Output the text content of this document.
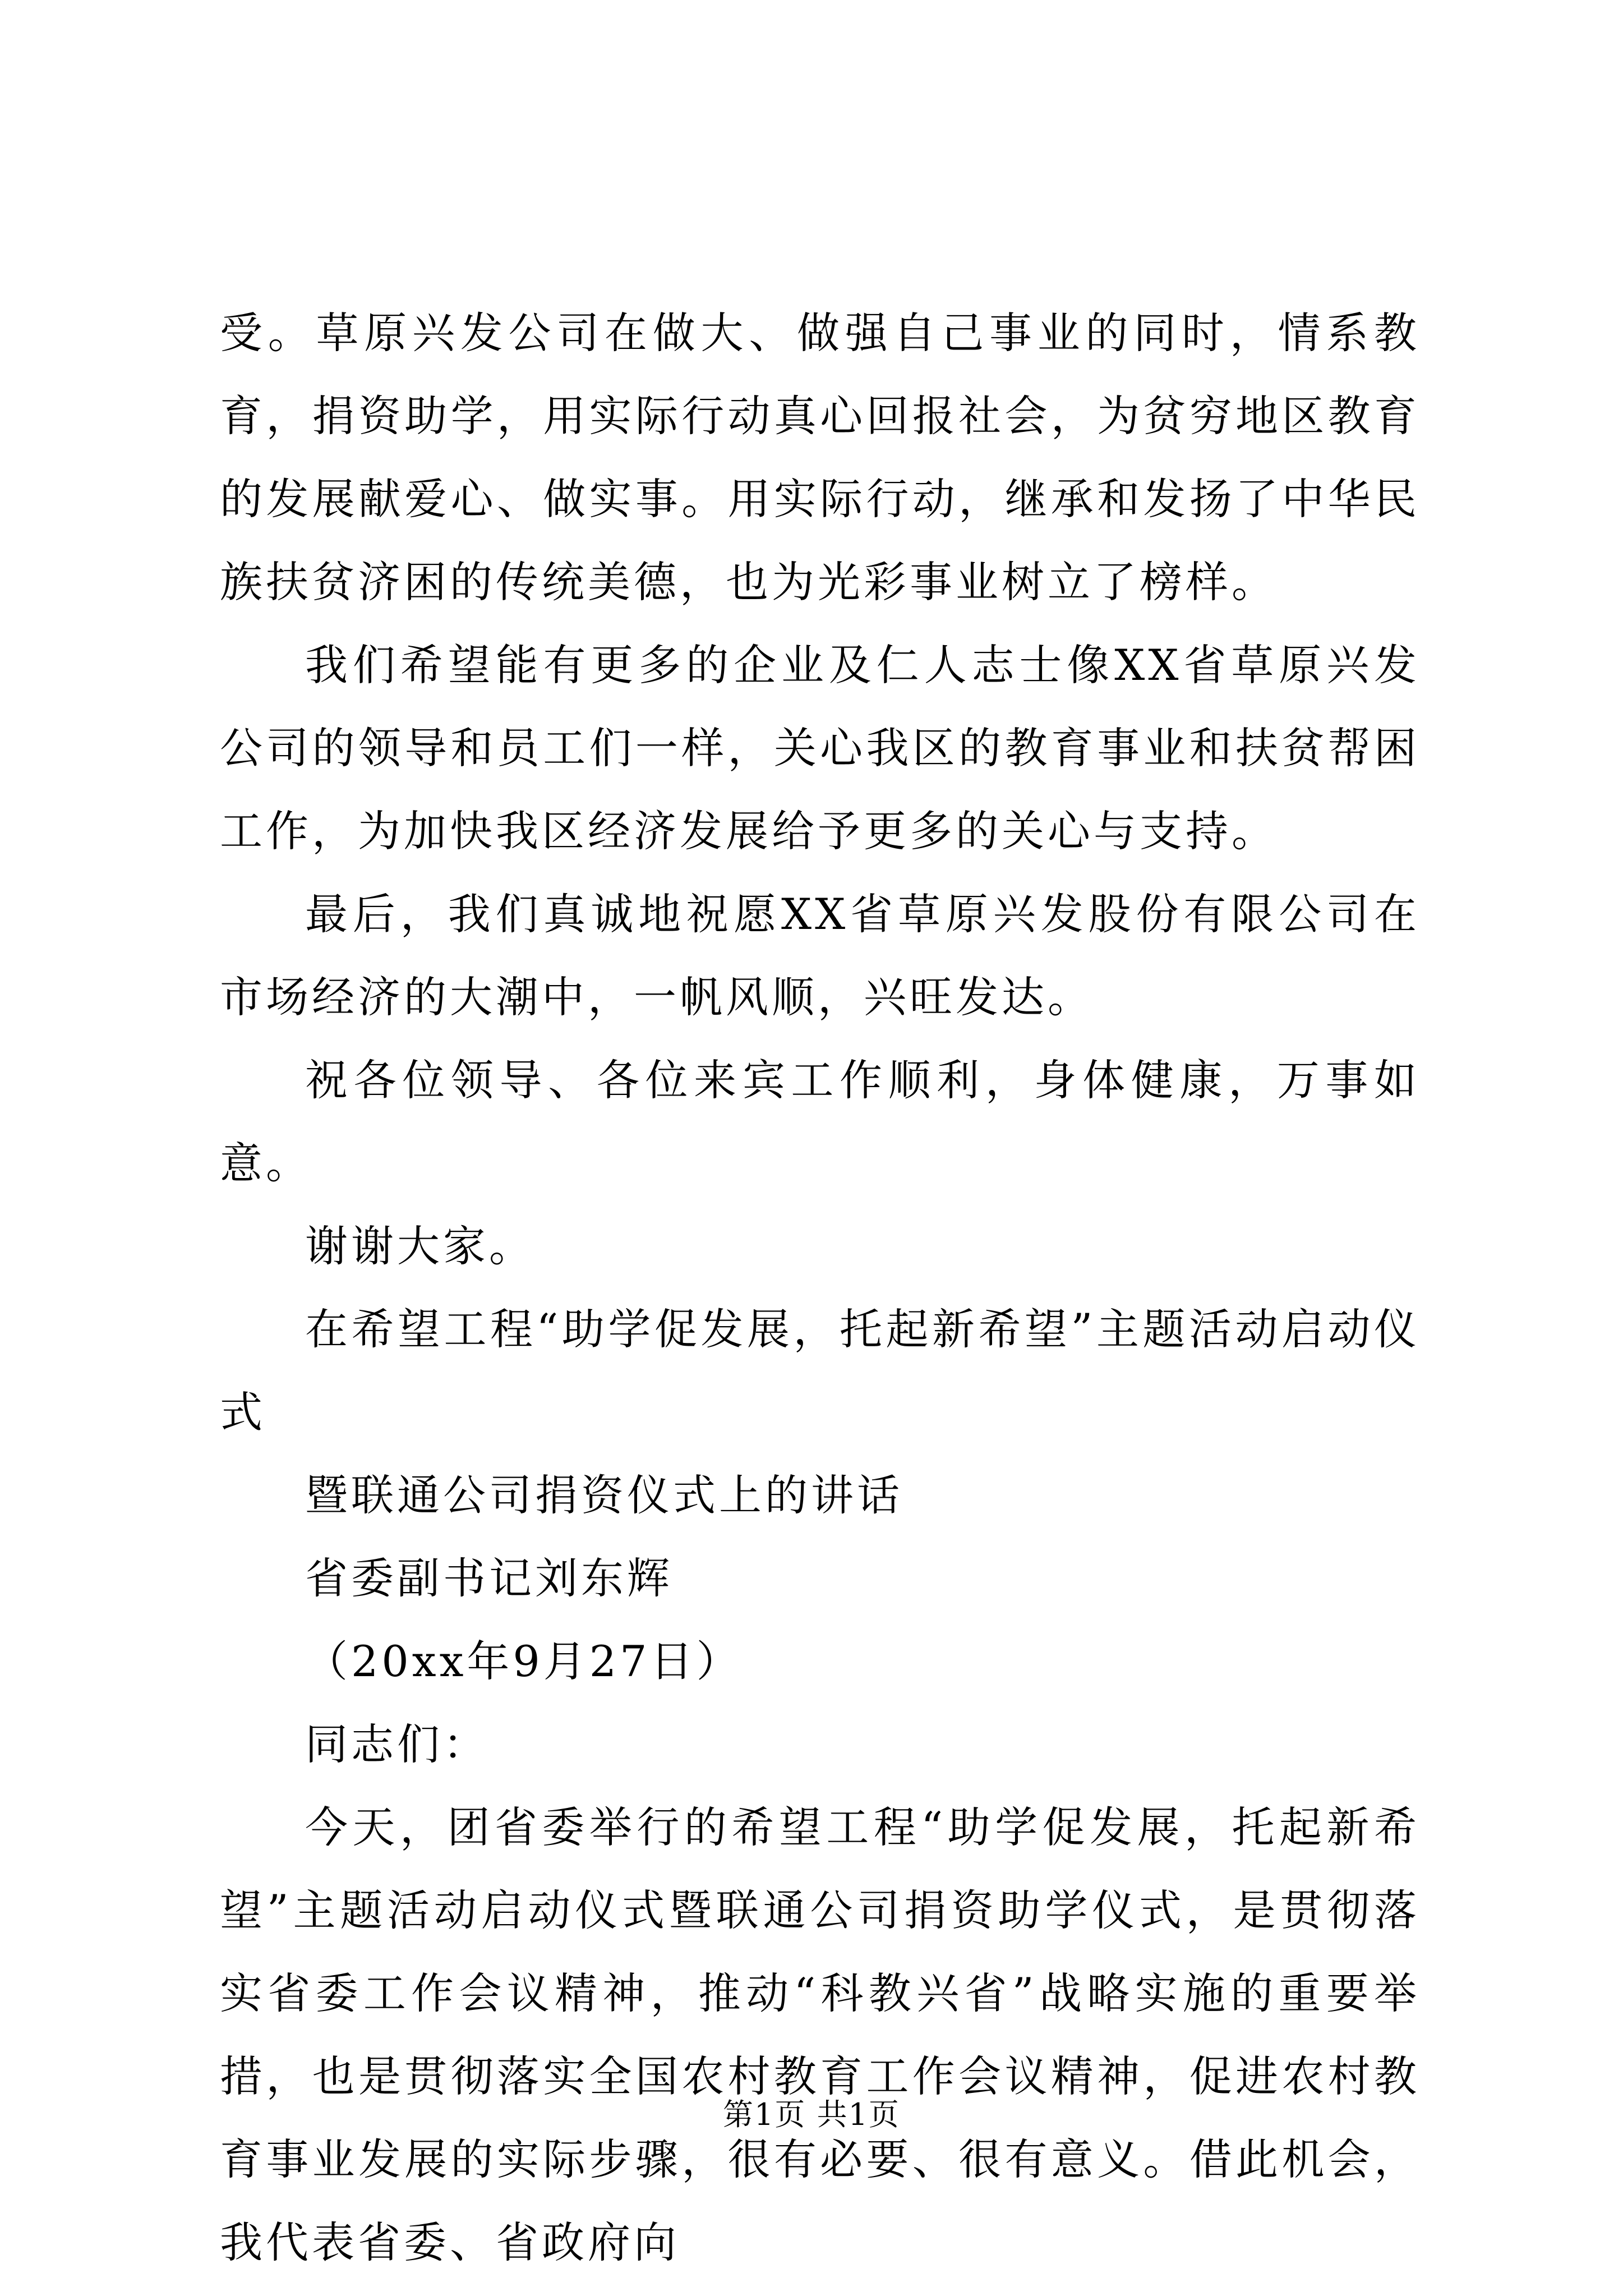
受。草原兴发公司在做大、做强自己事业的同时，情系教育，捐资助学，用实际行动真心回报社会，为贫穷地区教育的发展献爱心、做实事。用实际行动，继承和发扬了中华民族扶贫济困的传统美德，也为光彩事业树立了榜样。

我们希望能有更多的企业及仁人志士像XX省草原兴发公司的领导和员工们一样，关心我区的教育事业和扶贫帮困工作，为加快我区经济发展给予更多的关心与支持。

最后，我们真诚地祝愿XX省草原兴发股份有限公司在市场经济的大潮中，一帆风顺，兴旺发达。

祝各位领导、各位来宾工作顺利，身体健康，万事如意。

谢谢大家。

在希望工程“助学促发展，托起新希望”主题活动启动仪式

暨联通公司捐资仪式上的讲话

省委副书记刘东辉

（20xx年9月27日）

同志们：

今天，团省委举行的希望工程“助学促发展，托起新希望”主题活动启动仪式暨联通公司捐资助学仪式，是贯彻落实省委工作会议精神，推动“科教兴省”战略实施的重要举措，也是贯彻落实全国农村教育工作会议精神，促进农村教育事业发展的实际步骤，很有必要、很有意义。借此机会，我代表省委、省政府向

第1页 共1页
